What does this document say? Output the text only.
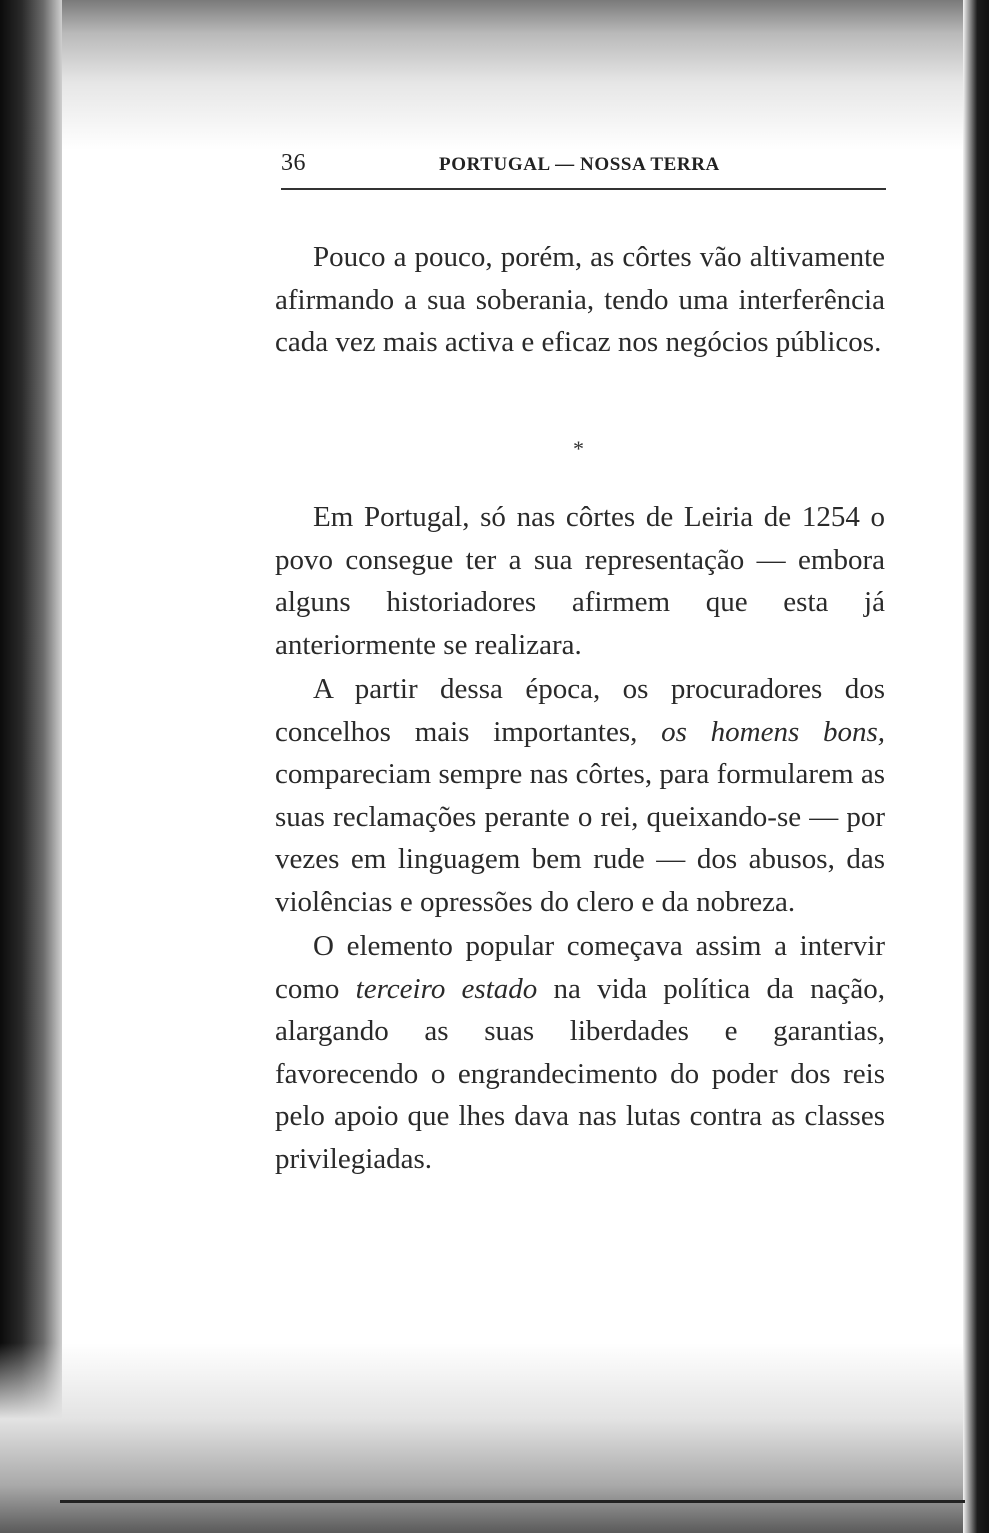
36	PORTUGAL — NOSSA TERRA

Pouco a pouco, porém, as côrtes vão altivamente afirmando a sua soberania, tendo uma interferência cada vez mais activa e eficaz nos negócios públicos.

*

Em Portugal, só nas côrtes de Leiria de 1254 o povo consegue ter a sua representação — embora alguns historiadores afirmem que esta já anteriormente se realizara.

A partir dessa época, os procuradores dos concelhos mais importantes, os homens bons, compareciam sempre nas côrtes, para formularem as suas reclamações perante o rei, queixando-se — por vezes em linguagem bem rude — dos abusos, das violências e opressões do clero e da nobreza.

O elemento popular começava assim a intervir como terceiro estado na vida política da nação, alargando as suas liberdades e garantias, favorecendo o engrandecimento do poder dos reis pelo apoio que lhes dava nas lutas contra as classes privilegiadas.
